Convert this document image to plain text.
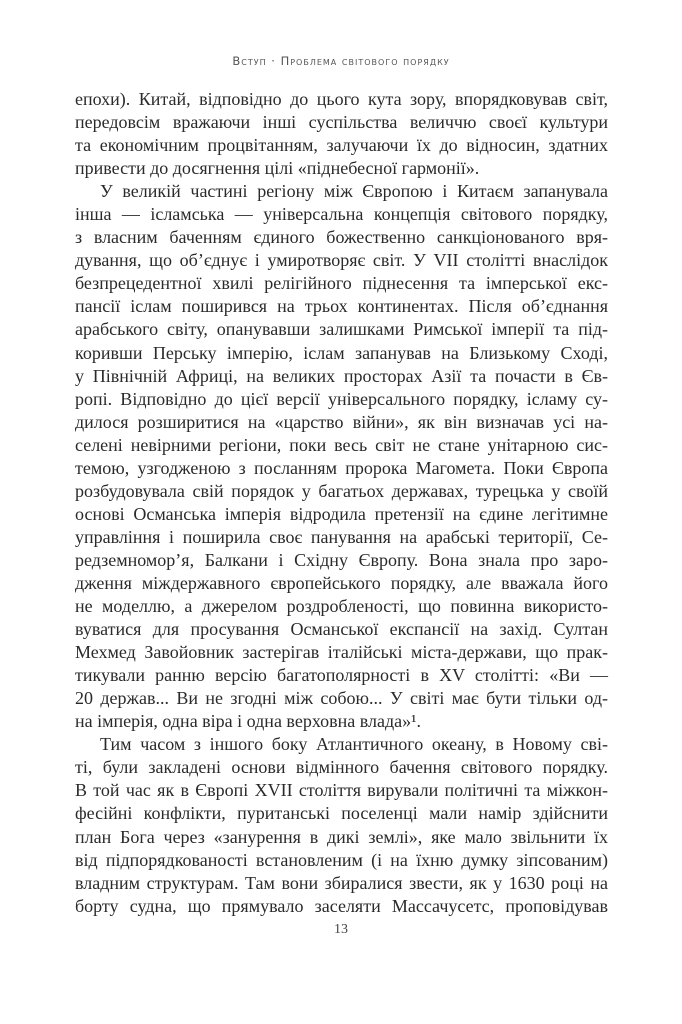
Вступ · Проблема світового порядку
епохи). Китай, відповідно до цього кута зору, впорядковував світ,
передовсім вражаючи інші суспільства величчю своєї культури
та економічним процвітанням, залучаючи їх до відносин, здатних
привести до досягнення цілі «піднебесної гармонії».
У великій частині регіону між Європою і Китаєм запанувала
інша — ісламська — універсальна концепція світового порядку,
з власним баченням єдиного божественно санкціонованого вря-
дування, що об’єднує і умиротворяє світ. У VII столітті внаслідок
безпрецедентної хвилі релігійного піднесення та імперської екс-
пансії іслам поширився на трьох континентах. Після об’єднання
арабського світу, опанувавши залишками Римської імперії та під-
коривши Перську імперію, іслам запанував на Близькому Сході,
у Північній Африці, на великих просторах Азії та почасти в Єв-
ропі. Відповідно до цієї версії універсального порядку, ісламу су-
дилося розширитися на «царство війни», як він визначав усі на-
селені невірними регіони, поки весь світ не стане унітарною сис-
темою, узгодженою з посланням пророка Магомета. Поки Європа
розбудовувала свій порядок у багатьох державах, турецька у своїй
основі Османська імперія відродила претензії на єдине легітимне
управління і поширила своє панування на арабські території, Се-
редземномор’я, Балкани і Східну Європу. Вона знала про заро-
дження міждержавного європейського порядку, але вважала його
не моделлю, а джерелом роздробленості, що повинна використо-
вуватися для просування Османської експансії на захід. Султан
Мехмед Завойовник застерігав італійські міста-держави, що прак-
тикували ранню версію багатополярності в XV столітті: «Ви —
20 держав... Ви не згодні між собою... У світі має бути тільки од-
на імперія, одна віра і одна верховна влада»¹.
Тим часом з іншого боку Атлантичного океану, в Новому сві-
ті, були закладені основи відмінного бачення світового порядку.
В той час як в Європі XVII століття вирували політичні та міжкон-
фесійні конфлікти, пуританські поселенці мали намір здійснити
план Бога через «занурення в дикі землі», яке мало звільнити їх
від підпорядкованості встановленим (і на їхню думку зіпсованим)
владним структурам. Там вони збиралися звести, як у 1630 році на
борту судна, що прямувало заселяти Массачусетс, проповідував
13
